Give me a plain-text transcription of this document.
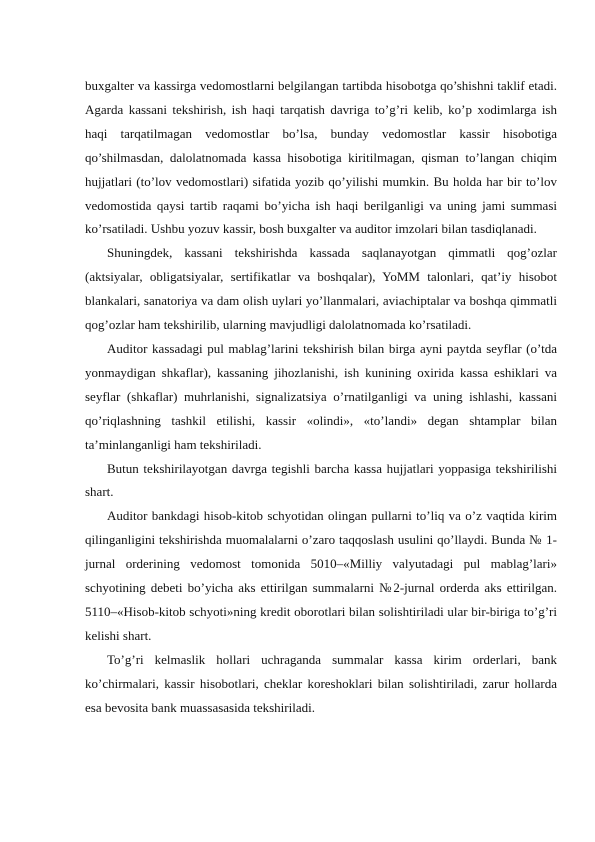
buxgalter va kassirga vedomostlarni belgilangan tartibda hisobotga qo’shishni taklif etadi. Agarda kassani tekshirish, ish haqi tarqatish davriga to’g’ri kelib, ko’p xodimlarga ish haqi tarqatilmagan vedomostlar bo’lsa, bunday vedomostlar kassir hisobotiga qo’shilmasdan, dalolatnomada kassa hisobotiga kiritilmagan, qisman to’langan chiqim hujjatlari (to’lov vedomostlari) sifatida yozib qo’yilishi mumkin. Bu holda har bir to’lov vedomostida qaysi tartib raqami bo’yicha ish haqi berilganligi va uning jami summasi ko’rsatiladi. Ushbu yozuv kassir, bosh buxgalter va auditor imzolari bilan tasdiqlanadi.

Shuningdek, kassani tekshirishda kassada saqlanayotgan qimmatli qog’ozlar (aktsiyalar, obligatsiyalar, sertifikatlar va boshqalar), YoMM talonlari, qat’iy hisobot blankalari, sanatoriya va dam olish uylari yo’llanmalari, aviachiptalar va boshqa qimmatli qog’ozlar ham tekshirilib, ularning mavjudligi dalolatnomada ko’rsatiladi.

Auditor kassadagi pul mablag’larini tekshirish bilan birga ayni paytda seyflar (o’tda yonmaydigan shkaflar), kassaning jihozlanishi, ish kunining oxirida kassa eshiklari va seyflar (shkaflar) muhrlanishi, signalizatsiya o’rnatilganligi va uning ishlashi, kassani qo’riqlashning tashkil etilishi, kassir «olindi», «to’landi» degan shtamplar bilan ta’minlanganligi ham tekshiriladi.

Butun tekshirilayotgan davrga tegishli barcha kassa hujjatlari yoppasiga tekshirilishi shart.

Auditor bankdagi hisob-kitob schyotidan olingan pullarni to’liq va o’z vaqtida kirim qilinganligini tekshirishda muomalalarni o’zaro taqqoslash usulini qo’llaydi. Bunda № 1-jurnal orderining vedomost tomonida 5010–«Milliy valyutadagi pul mablag’lari» schyotining debeti bo’yicha aks ettirilgan summalarni №2-jurnal orderda aks ettirilgan. 5110–«Hisob-kitob schyoti»ning kredit oborotlari bilan solishtiriladi ular bir-biriga to’g’ri kelishi shart.

To’g’ri kelmaslik hollari uchraganda summalar kassa kirim orderlari, bank ko’chirmalari, kassir hisobotlari, cheklar koreshoklari bilan solishtiriladi, zarur hollarda esa bevosita bank muassasasida tekshiriladi.
